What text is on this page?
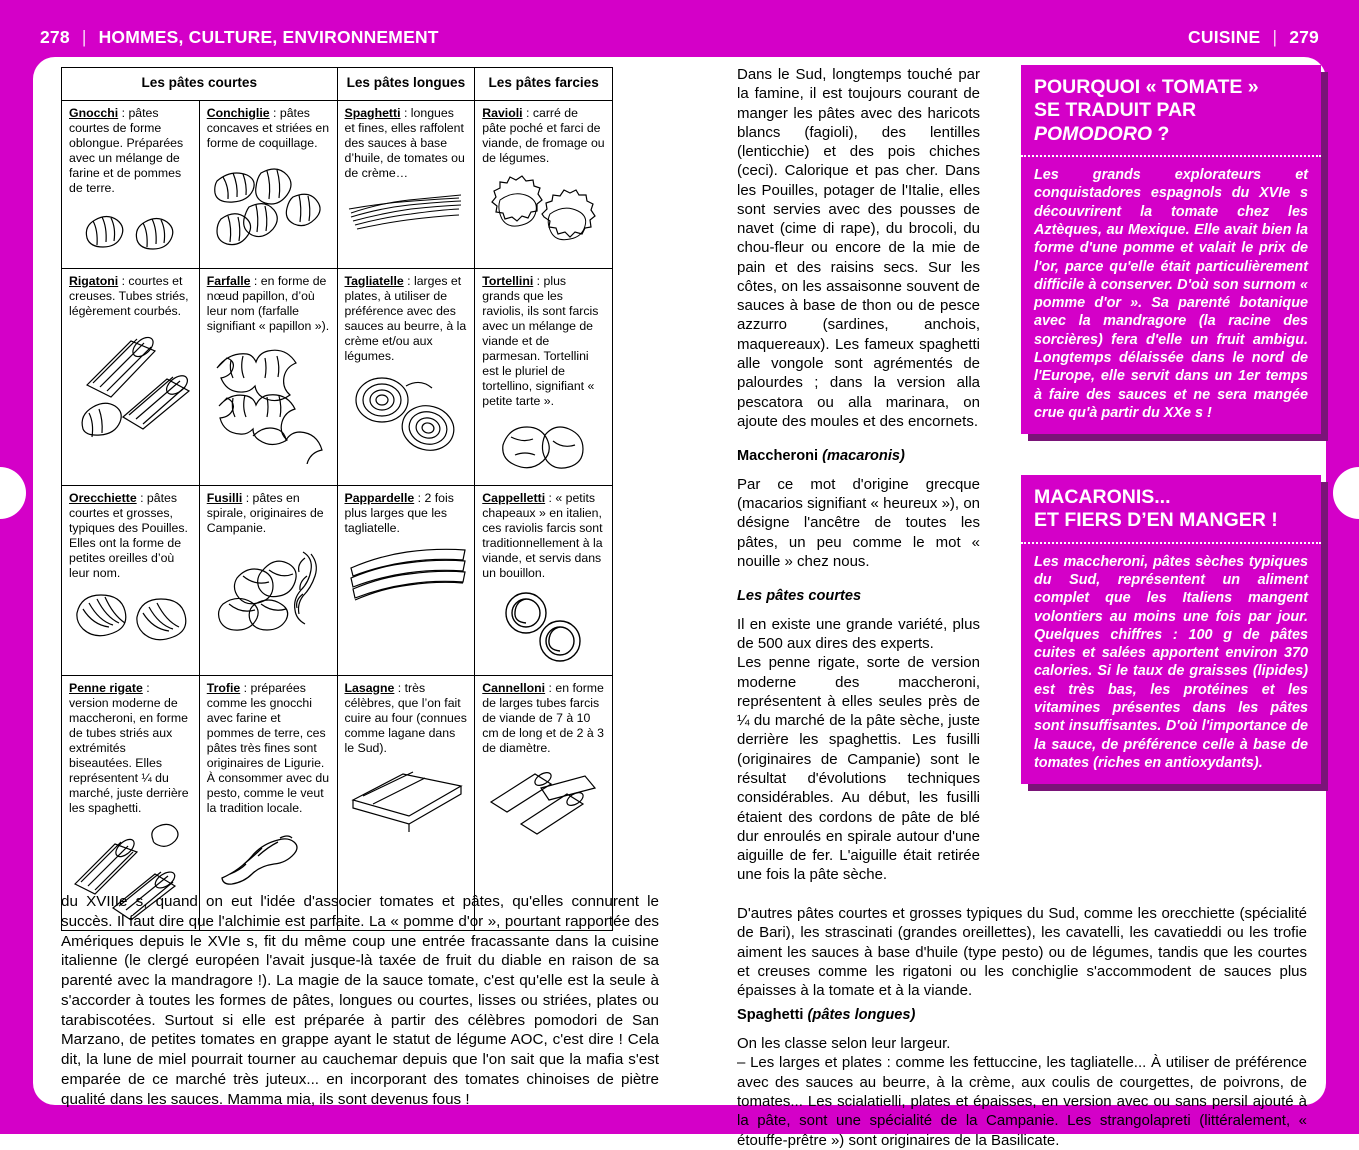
278 | HOMMES, CULTURE, ENVIRONNEMENT	CUISINE | 279
Les pâtes courtes		Les pâtes longues	Les pâtes farcies

Gnocchi : pâtes courtes de forme oblongue. Préparées avec un mélange de farine et de pommes de terre.	Conchiglie : pâtes concaves et striées en forme de coquillage.	Spaghetti : longues et fines, elles raffolent des sauces à base d’huile, de tomates ou de crème…	Ravioli : carré de pâte poché et farci de viande, de fromage ou de légumes.

Rigatoni : courtes et creuses. Tubes striés, légèrement courbés.	Farfalle : en forme de nœud papillon, d’où leur nom (farfalle signifiant « papillon »).	Tagliatelle : larges et plates, à utiliser de préférence avec des sauces au beurre, à la crème et/ou aux légumes.	Tortellini : plus grands que les raviolis, ils sont farcis avec un mélange de viande et de parmesan. Tortellini est le pluriel de tortellino, signifiant « petite tarte ».

Orecchiette : pâtes courtes et grosses, typiques des Pouilles. Elles ont la forme de petites oreilles d’où leur nom.	Fusilli : pâtes en spirale, originaires de Campanie.	Pappardelle : 2 fois plus larges que les tagliatelle.	Cappelletti : « petits chapeaux » en italien, ces raviolis farcis sont traditionnellement à la viande, et servis dans un bouillon.

Penne rigate : version moderne de maccheroni, en forme de tubes striés aux extrémités biseautées. Elles représentent ¼ du marché, juste derrière les spaghetti.	Trofie : préparées comme les gnocchi avec farine et pommes de terre, ces pâtes très fines sont originaires de Ligurie. À consommer avec du pesto, comme le veut la tradition locale.	Lasagne : très célèbres, que l’on fait cuire au four (connues comme lagane dans le Sud).	Cannelloni : en forme de larges tubes farcis de viande de 7 à 10 cm de long et de 2 à 3 de diamètre.
du XVIIIe s, quand on eut l'idée d'associer tomates et pâtes, qu'elles connurent le succès. Il faut dire que l'alchimie est parfaite. La « pomme d'or », pourtant rapportée des Amériques depuis le XVIe s, fit du même coup une entrée fracassante dans la cuisine italienne (le clergé européen l'avait jusque-là taxée de fruit du diable en raison de sa parenté avec la mandragore !). La magie de la sauce tomate, c'est qu'elle est la seule à s'accorder à toutes les formes de pâtes, longues ou courtes, lisses ou striées, plates ou tarabiscotées. Surtout si elle est préparée à partir des célèbres pomodori de San Marzano, de petites tomates en grappe ayant le statut de légume AOC, c'est dire ! Cela dit, la lune de miel pourrait tourner au cauchemar depuis que l'on sait que la mafia s'est emparée de ce marché très juteux... en incorporant des tomates chinoises de piètre qualité dans les sauces. Mamma mia, ils sont devenus fous !

Dans le Sud, longtemps touché par la famine, il est toujours courant de manger les pâtes avec des haricots blancs (fagioli), des lentilles (lenticchie) et des pois chiches (ceci). Calorique et pas cher. Dans les Pouilles, potager de l'Italie, elles sont servies avec des pousses de navet (cime di rape), du brocoli, du chou-fleur ou encore de la mie de pain et des raisins secs. Sur les côtes, on les assaisonne souvent de sauces à base de thon ou de pesce azzurro (sardines, anchois, maquereaux). Les fameux spaghetti alle vongole sont agrémentés de palourdes ; dans la version alla pescatora ou alla marinara, on ajoute des moules et des encornets.

Maccheroni (macaronis)

Par ce mot d'origine grecque (macarios signifiant « heureux »), on désigne l'ancêtre de toutes les pâtes, un peu comme le mot « nouille » chez nous.

Les pâtes courtes

Il en existe une grande variété, plus de 500 aux dires des experts.

Les penne rigate, sorte de version moderne des maccheroni, représentent à elles seules près de ¼ du marché de la pâte sèche, juste derrière les spaghettis. Les fusilli (originaires de Campanie) sont le résultat d'évolutions techniques considérables. Au début, les fusilli étaient des cordons de pâte de blé dur enroulés en spirale autour d'une aiguille de fer. L'aiguille était retirée une fois la pâte sèche.

D'autres pâtes courtes et grosses typiques du Sud, comme les orecchiette (spécialité de Bari), les strascinati (grandes oreillettes), les cavatelli, les cavatieddi ou les trofie aiment les sauces à base d'huile (type pesto) ou de légumes, tandis que les courtes et creuses comme les rigatoni ou les conchiglie s'accommodent de sauces plus épaisses à la tomate et à la viande.

Spaghetti (pâtes longues)

On les classe selon leur largeur.

– Les larges et plates : comme les fettuccine, les tagliatelle... À utiliser de préférence avec des sauces au beurre, à la crème, aux coulis de courgettes, de poivrons, de tomates... Les scialatielli, plates et épaisses, en version avec ou sans persil ajouté à la pâte, sont une spécialité de la Campanie. Les strangolapreti (littéralement, « étouffe-prêtre ») sont originaires de la Basilicate.

POURQUOI « TOMATE »
SE TRADUIT PAR POMODORO ?
Les grands explorateurs et conquistadores espagnols du XVIe s découvrirent la tomate chez les Aztèques, au Mexique. Elle avait bien la forme d'une pomme et valait le prix de l'or, parce qu'elle était particulièrement difficile à conserver. D'où son surnom « pomme d'or ». Sa parenté botanique avec la mandragore (la racine des sorcières) fera d'elle un fruit ambigu. Longtemps délaissée dans le nord de l'Europe, elle servit dans un 1er temps à faire des sauces et ne sera mangée crue qu'à partir du XXe s !
MACARONIS...
ET FIERS D’EN MANGER !
Les maccheroni, pâtes sèches typiques du Sud, représentent un aliment complet que les Italiens mangent volontiers au moins une fois par jour. Quelques chiffres : 100 g de pâtes cuites et salées apportent environ 370 calories. Si le taux de graisses (lipides) est très bas, les protéines et les vitamines présentes dans les pâtes sont insuffisantes. D'où l'importance de la sauce, de préférence celle à base de tomates (riches en antioxydants).
